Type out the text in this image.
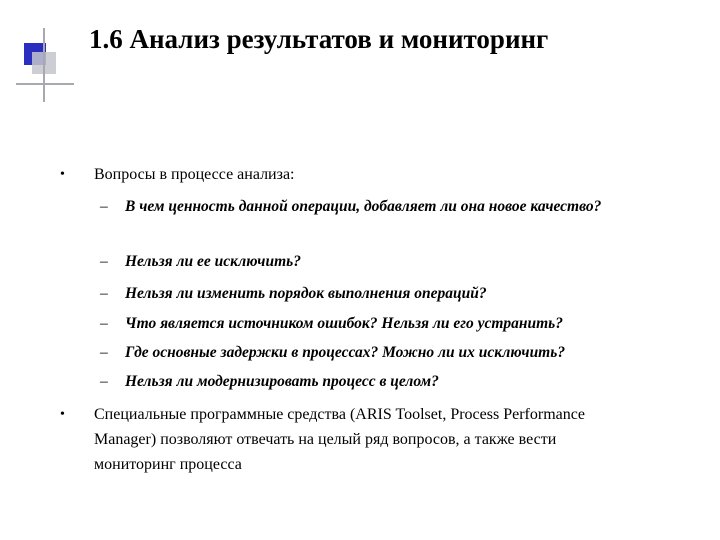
1.6 Анализ результатов и мониторинг
• Вопросы в процессе анализа:
– В чем ценность данной операции, добавляет ли она новое качество?
– Нельзя ли ее исключить?
– Нельзя ли изменить порядок выполнения операций?
– Что является источником ошибок? Нельзя ли его устранить?
– Где основные задержки в процессах? Можно ли их исключить?
– Нельзя ли модернизировать процесс в целом?
• Специальные программные средства (ARIS Toolset, Process Performance Manager) позволяют отвечать на целый ряд вопросов, а также вести мониторинг процесса
